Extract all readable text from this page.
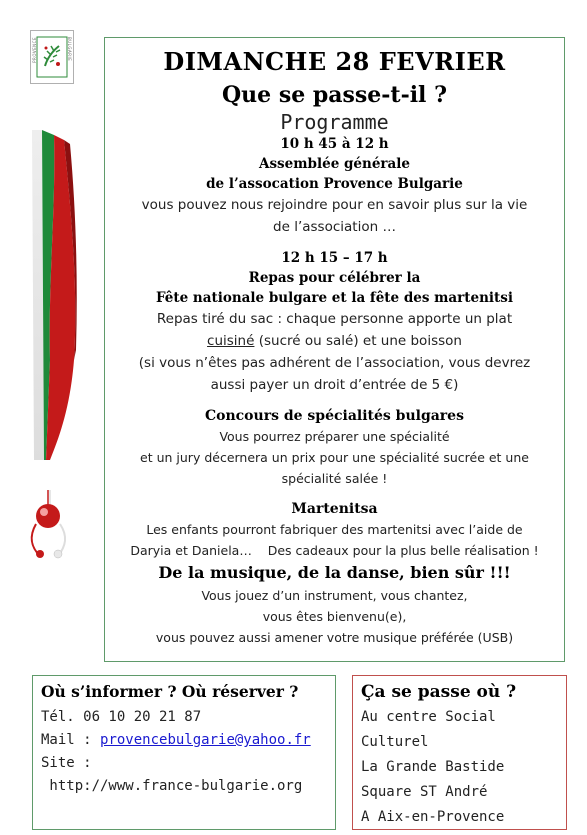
PROVENCE	BULGARIE	DIMANCHE 28 FEVRIER
Que se passe-t-il ?
Programme
10 h 45 à 12 h
Assemblée générale
de l’assocation Provence Bulgarie
vous pouvez nous rejoindre pour en savoir plus sur la vie
de l’association …
12 h 15 – 17 h
Repas pour célébrer la
Fête nationale bulgare et la fête des martenitsi
Repas tiré du sac : chaque personne apporte un plat
cuisiné (sucré ou salé) et une boisson
(si vous n’êtes pas adhérent de l’association, vous devrez
aussi payer un droit d’entrée de 5 €)
Concours de spécialités bulgares
Vous pourrez préparer une spécialité
et un jury décernera un prix pour une spécialité sucrée et une
spécialité salée !
Martenitsa
Les enfants pourront fabriquer des martenitsi avec l’aide de
Daryia et Daniela…    Des cadeaux pour la plus belle réalisation !
De la musique, de la danse, bien sûr !!!
Vous jouez d’un instrument, vous chantez,
vous êtes bienvenu(e),
vous pouvez aussi amener votre musique préférée (USB)
Où s’informer ? Où réserver ?
Tél. 06 10 20 21 87
Mail : provencebulgarie@yahoo.fr
Site :
http://www.france-bulgarie.org
Ça se passe où ?
Au centre Social
Culturel
La Grande Bastide
Square ST André
A Aix-en-Provence
